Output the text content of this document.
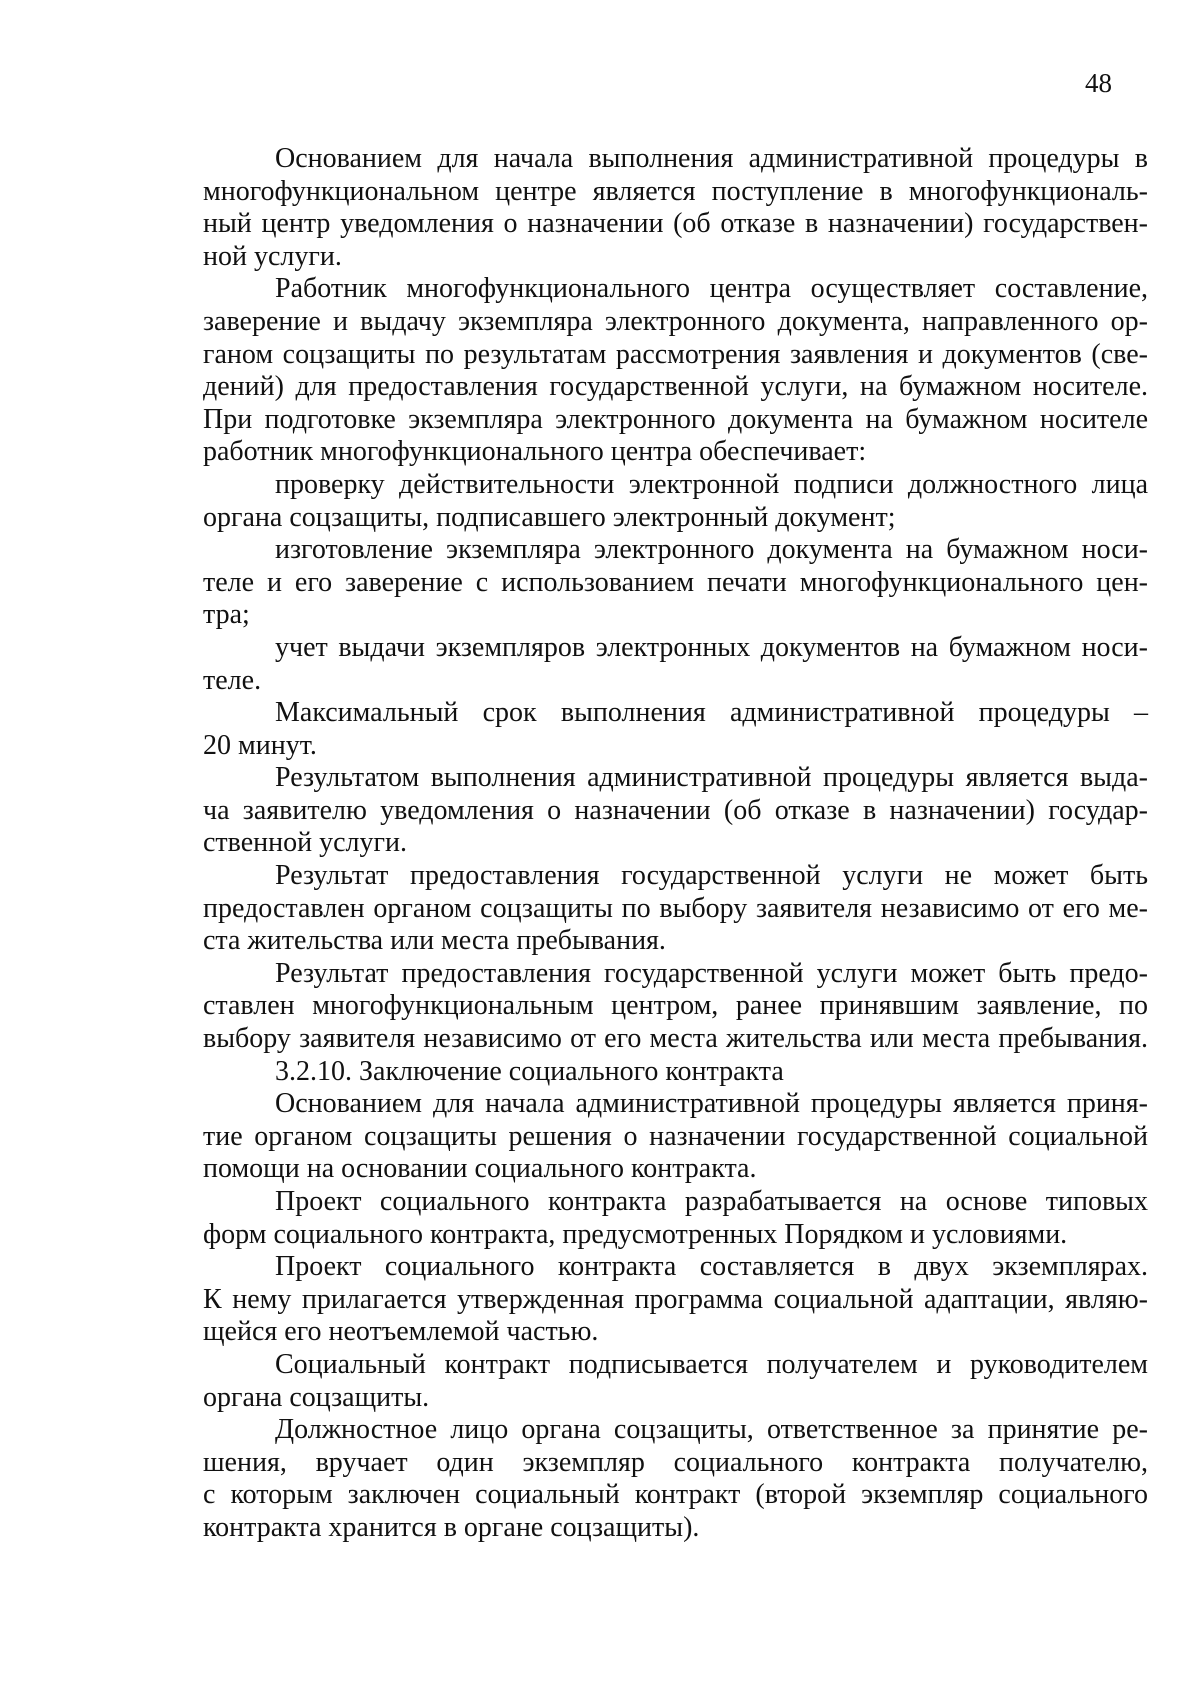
48
Основанием для начала выполнения административной процедуры в
многофункциональном центре является поступление в многофункциональ-
ный центр уведомления о назначении (об отказе в назначении) государствен-
ной услуги.
Работник многофункционального центра осуществляет составление,
заверение и выдачу экземпляра электронного документа, направленного ор-
ганом соцзащиты по результатам рассмотрения заявления и документов (све-
дений) для предоставления государственной услуги, на бумажном носителе.
При подготовке экземпляра электронного документа на бумажном носителе
работник многофункционального центра обеспечивает:
проверку действительности электронной подписи должностного лица
органа соцзащиты, подписавшего электронный документ;
изготовление экземпляра электронного документа на бумажном носи-
теле и его заверение с использованием печати многофункционального цен-
тра;
учет выдачи экземпляров электронных документов на бумажном носи-
теле.
Максимальный срок выполнения административной процедуры –
20 минут.
Результатом выполнения административной процедуры является выда-
ча заявителю уведомления о назначении (об отказе в назначении) государ-
ственной услуги.
Результат предоставления государственной услуги не может быть
предоставлен органом соцзащиты по выбору заявителя независимо от его ме-
ста жительства или места пребывания.
Результат предоставления государственной услуги может быть предо-
ставлен многофункциональным центром, ранее принявшим заявление, по
выбору заявителя независимо от его места жительства или места пребывания.
3.2.10. Заключение социального контракта
Основанием для начала административной процедуры является приня-
тие органом соцзащиты решения о назначении государственной социальной
помощи на основании социального контракта.
Проект социального контракта разрабатывается на основе типовых
форм социального контракта, предусмотренных Порядком и условиями.
Проект социального контракта составляется в двух экземплярах.
К нему прилагается утвержденная программа социальной адаптации, являю-
щейся его неотъемлемой частью.
Социальный контракт подписывается получателем и руководителем
органа соцзащиты.
Должностное лицо органа соцзащиты, ответственное за принятие ре-
шения, вручает один экземпляр социального контракта получателю,
с которым заключен социальный контракт (второй экземпляр социального
контракта хранится в органе соцзащиты).
